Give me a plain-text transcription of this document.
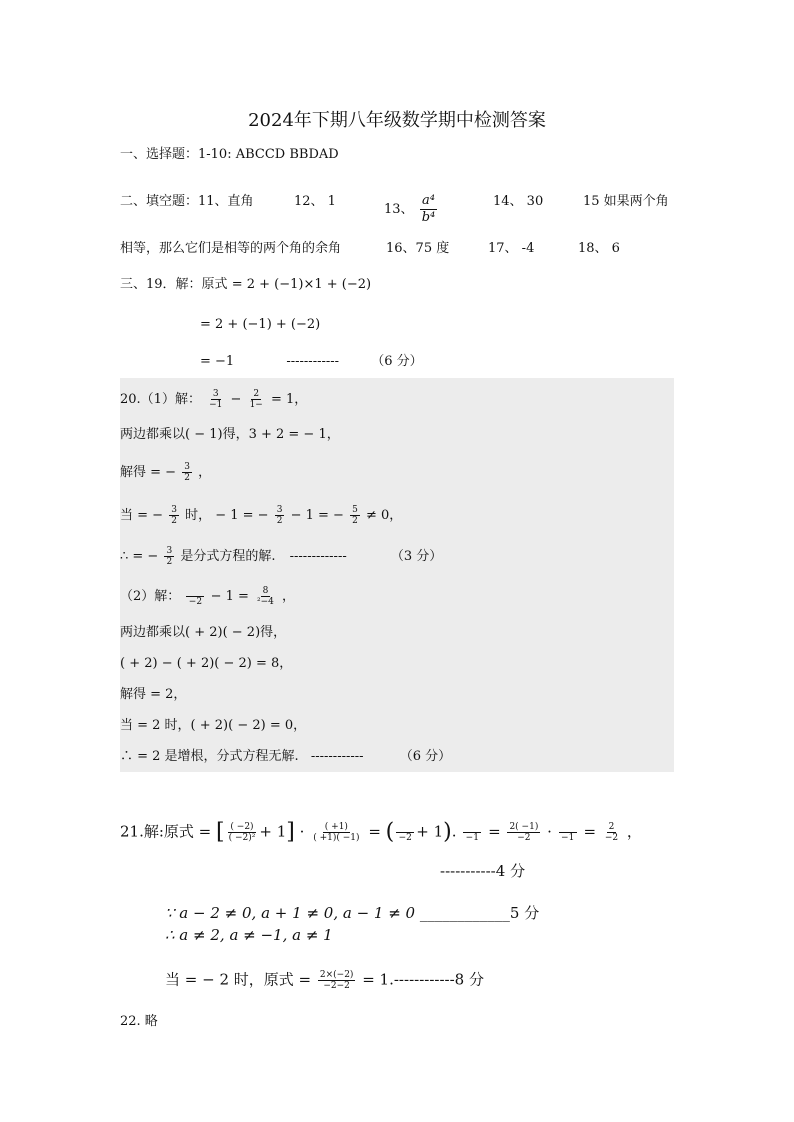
2024年下期八年级数学期中检测答案
一、选择题：1-10: ABCCD BBDAD
二、填空题：11、直角	12、 1
13、 $\frac{\text{a⁴}}{\text{b⁴}}$	14、 30	15 如果两个角
相等，那么它们是相等的两个角的余角	16、75 度	17、 -4	18、 6
三、19．解：原式 = 2 + (−1)×1 + (−2)
= 2 + (−1) + (−2)
= −1	------------ （6 分）
20.（1）解： $\frac{3}{-1} - \frac{2}{1-} = 1$，
两边都乘以( − 1)得，3 + 2 = − 1，
解得 = − $\frac{3}{2}$ ，
当 = − $\frac{3}{2}$ 时， − 1 = − $\frac{3}{2} - 1$ = − $\frac{5}{2} \ne 0$，
∴ = − $\frac{3}{2}$ 是分式方程的解. -------------	（3 分）
（2）解： $-2 - 1 = \frac{8}{\text{²−4}}$ ，
两边都乘以( + 2)( − 2)得，
( + 2) − ( + 2)( − 2) = 8，
解得 = 2，
当 = 2 时，( + 2)( − 2) = 0，
∴ = 2 是增根，分式方程无解. ------------	（6 分）
21.解:原式 = [ $\frac{( -2)}{\text{( −2)²}} + 1] \cdot \frac{( +1)}{( +1)( -1)}$ = ( −2 + 1). $-1 = \frac{2( -1)}{-2} \cdot -1 = \frac{2}{-2}$ ，
-----------4 分
∵ a − 2 ≠ 0, a + 1 ≠ 0, a − 1 ≠ 0 ____________5 分
∴ a ≠ 2, a ≠ −1, a ≠ 1
当 = − 2 时，原式 = $\frac{2\times(-2)}{-2-2} = 1.------------8$ 分
22. 略
